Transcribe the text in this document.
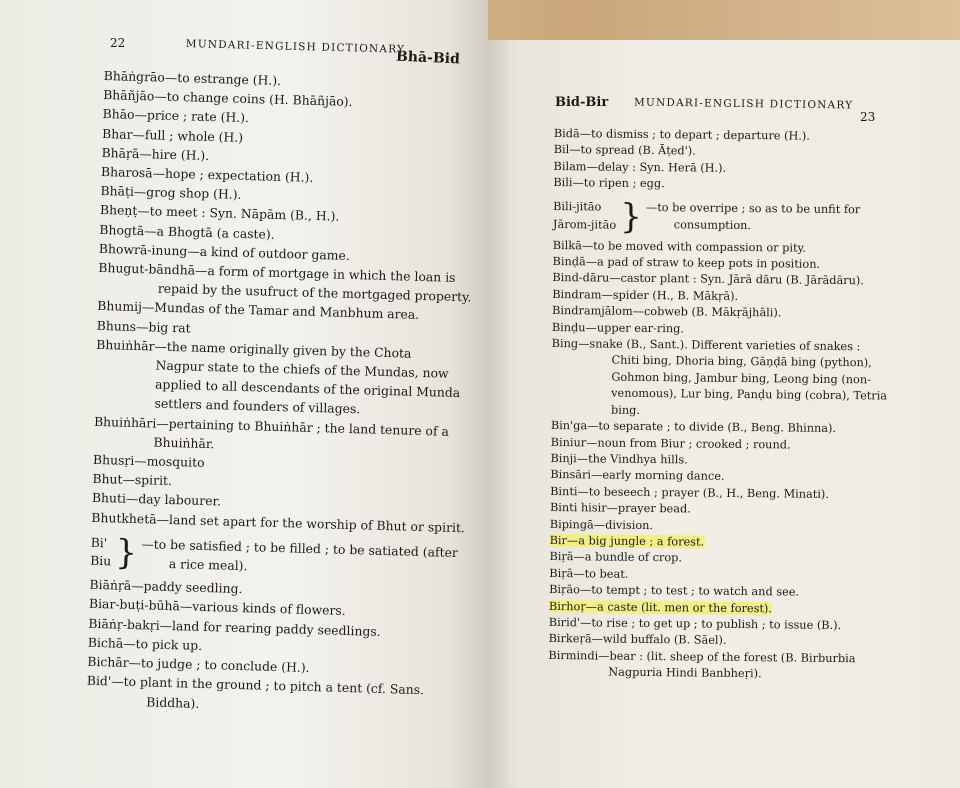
22	MUNDARI-ENGLISH DICTIONARY
Bhā-Bid
Bhāṅgrāo—to estrange (H.).
Bhāñjāo—to change coins (H. Bhāñjāo).
Bhāo—price ; rate (H.).
Bhar—full ; whole (H.)
Bhāṛā—hire (H.).
Bharosā—hope ; expectation (H.).
Bhāṭi—grog shop (H.).
Bheṇṭ—to meet : Syn. Nāpām (B., H.).
Bhogtā—a Bhogtā (a caste).
Bhowrā-inung—a kind of outdoor game.
Bhugut-bāndhā—a form of mortgage in which the loan is
repaid by the usufruct of the mortgaged property.
Bhumij—Mundas of the Tamar and Manbhum area.
Bhuns—big rat
Bhuiṅhār—the name originally given by the Chota
Nagpur state to the chiefs of the Mundas, now
applied to all descendants of the original Munda
settlers and founders of villages.
Bhuiṅhāri—pertaining to Bhuiṅhār ; the land tenure of a
Bhuiṅhār.
Bhusṛi—mosquito
Bhut—spirit.
Bhuti—day labourer.
Bhutkhetā—land set apart for the worship of Bhut or spirit.
Bi'
Biu } —to be satisfied ; to be filled ; to be satiated (after
a rice meal).
Biāṅṛā—paddy seedling.
Biar-buṭi-būhā—various kinds of flowers.
Biāṅṛ-bakṛi—land for rearing paddy seedlings.
Bichā—to pick up.
Bichār—to judge ; to conclude (H.).
Bid'—to plant in the ground ; to pitch a tent (cf. Sans.
Biddha).
Bid-Bir MUNDARI-ENGLISH DICTIONARY
23
Bidā—to dismiss ; to depart ; departure (H.).
Bil—to spread (B. Āṭed').
Bilam—delay : Syn. Herā (H.).
Bili—to ripen ; egg.
Bili-jitāo
Jārom-jitāo } —to be overripe ; so as to be unfit for
consumption.
Bilkā—to be moved with compassion or pity.
Binḍā—a pad of straw to keep pots in position.
Bind-dāru—castor plant : Syn. Jārā dāru (B. Jārādāru).
Bindram—spider (H., B. Mākṛā).
Bindramjālom—cobweb (B. Mākṛājhāli).
Binḍu—upper ear-ring.
Bing—snake (B., Sant.). Different varieties of snakes :
Chiti bing, Dhoria bing, Gāṇḍā bing (python),
Gohmon bing, Jambur bing, Leong bing (non-
venomous), Lur bing, Panḍu bing (cobra), Tetria
bing.
Bin'ga—to separate ; to divide (B., Beng. Bhinna).
Biniur—noun from Biur ; crooked ; round.
Binji—the Vindhya hills.
Binsāri—early morning dance.
Binti—to beseech ; prayer (B., H., Beng. Minati).
Binti hisir—prayer bead.
Bipingā—division.
Bir—a big jungle ; a forest.
Biṛā—a bundle of crop.
Biṛā—to beat.
Biṛāo—to tempt ; to test ; to watch and see.
Birhoṛ—a caste (lit. men or the forest).
Birid'—to rise ; to get up ; to publish ; to issue (B.).
Birkeṛā—wild buffalo (B. Sāel).
Birmindi—bear : (lit. sheep of the forest (B. Birburbia
Nagpuria Hindi Banbheṛi).
